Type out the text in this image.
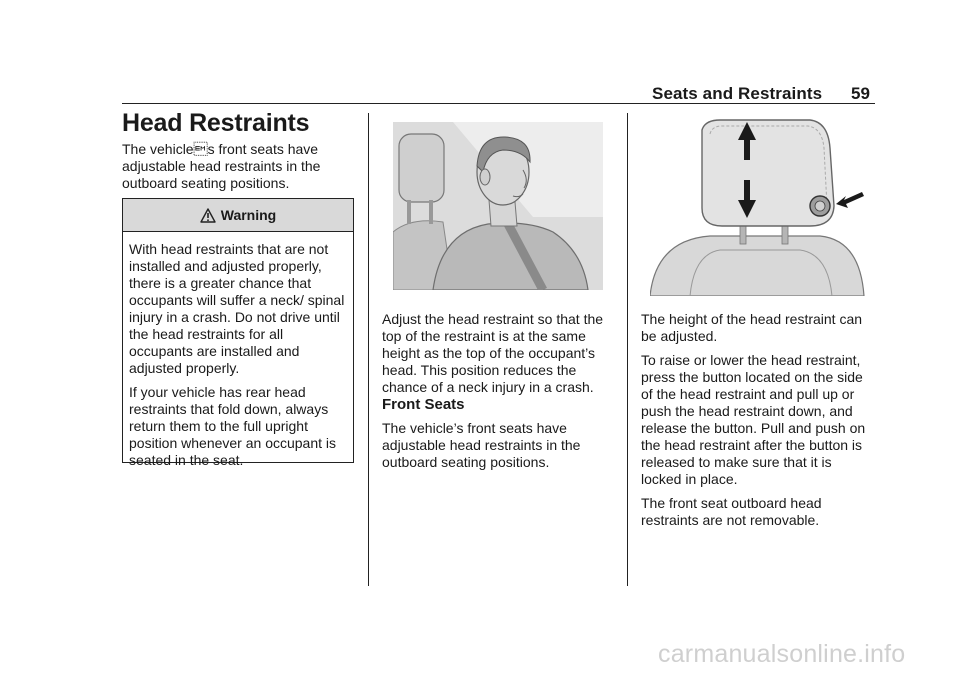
Seats and Restraints 59
Head Restraints
The vehicles front seats have adjustable head restraints in the outboard seating positions.
Warning

With head restraints that are not installed and adjusted properly, there is a greater chance that occupants will suffer a neck/ spinal injury in a crash. Do not drive until the head restraints for all occupants are installed and adjusted properly.

If your vehicle has rear head restraints that fold down, always return them to the full upright position whenever an occupant is seated in the seat.

Adjust the head restraint so that the top of the restraint is at the same height as the top of the occupant’s head. This position reduces the chance of a neck injury in a crash.
Front Seats
The vehicle’s front seats have adjustable head restraints in the outboard seating positions.

The height of the head restraint can be adjusted.

To raise or lower the head restraint, press the button located on the side of the head restraint and pull up or push the head restraint down, and release the button. Pull and push on the head restraint after the button is released to make sure that it is locked in place.

The front seat outboard head restraints are not removable.

carmanualsonline.info
